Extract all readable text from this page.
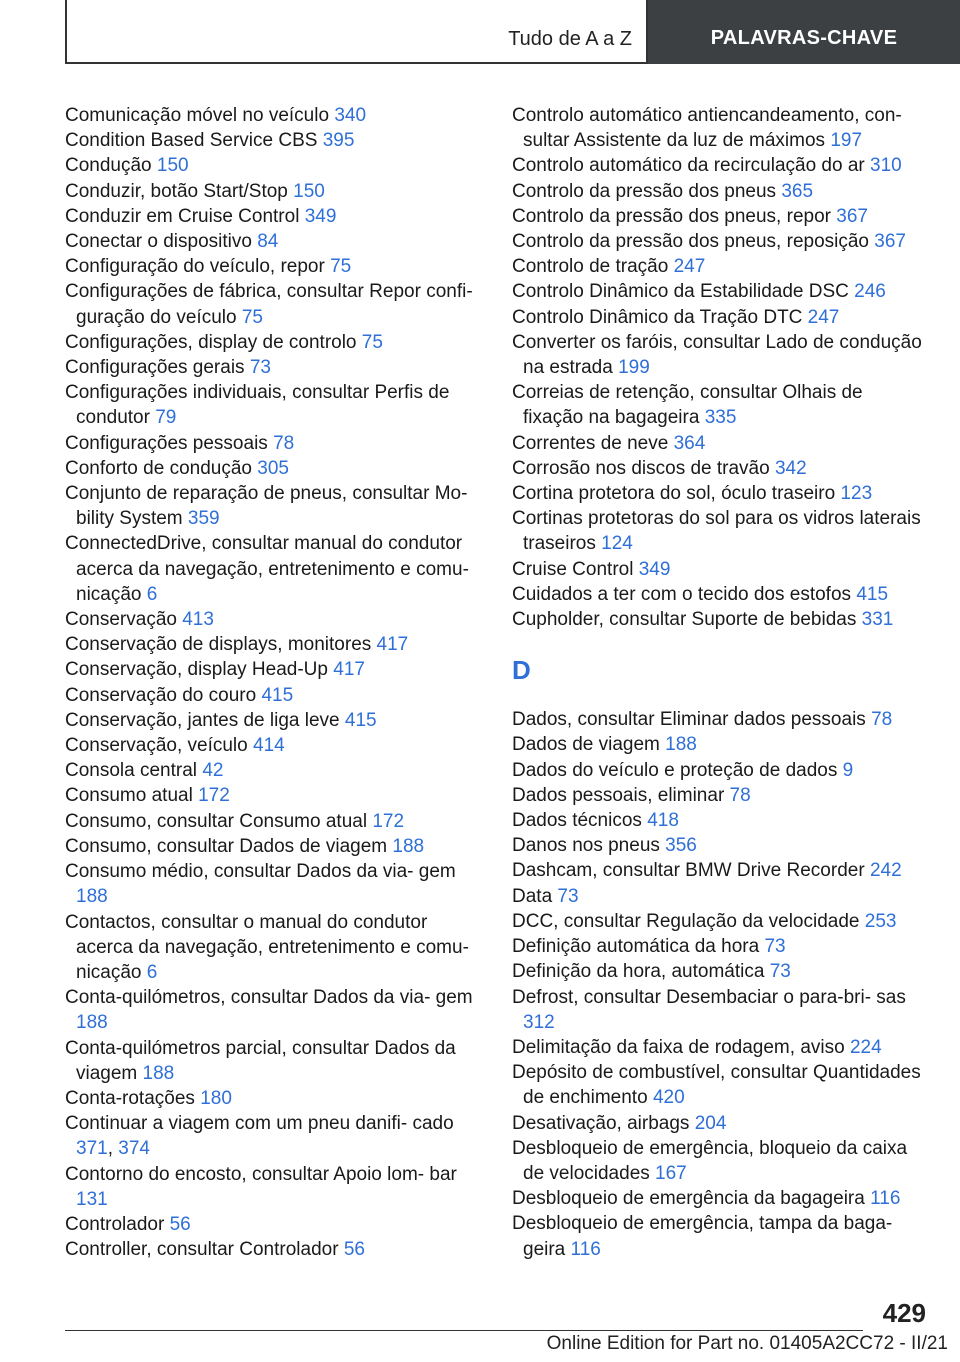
Tudo de A a Z	PALAVRAS-CHAVE
Comunicação móvel no veículo 340
Condition Based Service CBS 395
Condução 150
Conduzir, botão Start/Stop 150
Conduzir em Cruise Control 349
Conectar o dispositivo 84
Configuração do veículo, repor 75
Configurações de fábrica, consultar Repor confi‐ guração do veículo 75
Configurações, display de controlo 75
Configurações gerais 73
Configurações individuais, consultar Perfis de condutor 79
Configurações pessoais 78
Conforto de condução 305
Conjunto de reparação de pneus, consultar Mo‐ bility System 359
ConnectedDrive, consultar manual do condutor acerca da navegação, entretenimento e comu‐ nicação 6
Conservação 413
Conservação de displays, monitores 417
Conservação, display Head-Up 417
Conservação do couro 415
Conservação, jantes de liga leve 415
Conservação, veículo 414
Consola central 42
Consumo atual 172
Consumo, consultar Consumo atual 172
Consumo, consultar Dados de viagem 188
Consumo médio, consultar Dados da via‐ gem 188
Contactos, consultar o manual do condutor acerca da navegação, entretenimento e comu‐ nicação 6
Conta-quilómetros, consultar Dados da via‐ gem 188
Conta-quilómetros parcial, consultar Dados da viagem 188
Conta-rotações 180
Continuar a viagem com um pneu danifi‐ cado 371, 374
Contorno do encosto, consultar Apoio lom‐ bar 131
Controlador 56
Controller, consultar Controlador 56
Controlo automático antiencandeamento, con‐ sultar Assistente da luz de máximos 197
Controlo automático da recirculação do ar 310
Controlo da pressão dos pneus 365
Controlo da pressão dos pneus, repor 367
Controlo da pressão dos pneus, reposição 367
Controlo de tração 247
Controlo Dinâmico da Estabilidade DSC 246
Controlo Dinâmico da Tração DTC 247
Converter os faróis, consultar Lado de condução na estrada 199
Correias de retenção, consultar Olhais de fixação na bagageira 335
Correntes de neve 364
Corrosão nos discos de travão 342
Cortina protetora do sol, óculo traseiro 123
Cortinas protetoras do sol para os vidros laterais traseiros 124
Cruise Control 349
Cuidados a ter com o tecido dos estofos 415
Cupholder, consultar Suporte de bebidas 331
D
Dados, consultar Eliminar dados pessoais 78
Dados de viagem 188
Dados do veículo e proteção de dados 9
Dados pessoais, eliminar 78
Dados técnicos 418
Danos nos pneus 356
Dashcam, consultar BMW Drive Recorder 242
Data 73
DCC, consultar Regulação da velocidade 253
Definição automática da hora 73
Definição da hora, automática 73
Defrost, consultar Desembaciar o para-bri‐ sas 312
Delimitação da faixa de rodagem, aviso 224
Depósito de combustível, consultar Quantidades de enchimento 420
Desativação, airbags 204
Desbloqueio de emergência, bloqueio da caixa de velocidades 167
Desbloqueio de emergência da bagageira 116
Desbloqueio de emergência, tampa da baga‐ geira 116
429
Online Edition for Part no. 01405A2CC72 - II/21
